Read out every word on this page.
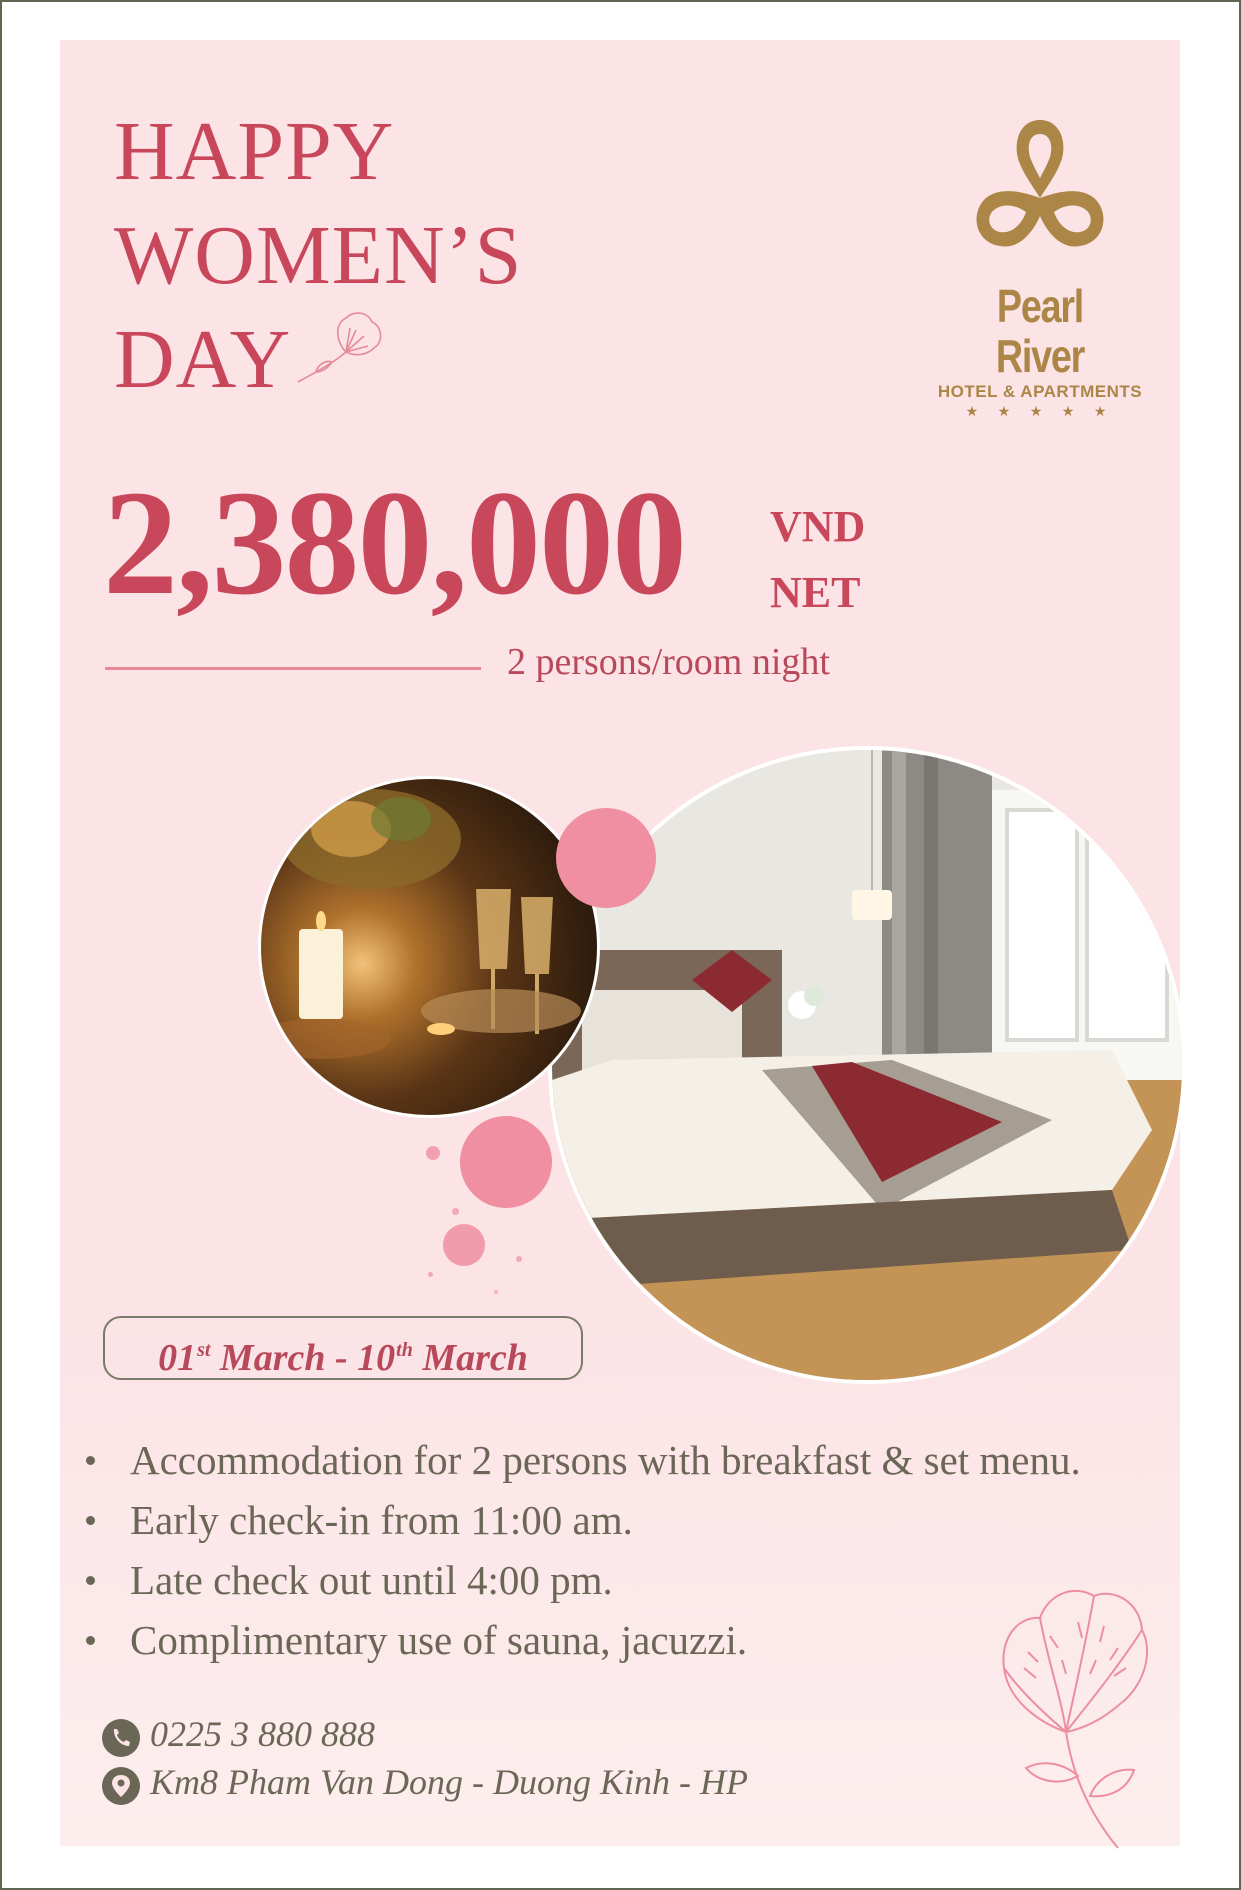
HAPPY
WOMEN’S
DAY
Pearl River
HOTEL & APARTMENTS
★ ★ ★ ★ ★
2,380,000 VND
NET
2 persons/room night
01st March - 10th March
Accommodation for 2 persons with breakfast & set menu.
Early check-in from 11:00 am.
Late check out until 4:00 pm.
Complimentary use of sauna, jacuzzi.
0225 3 880 888
Km8 Pham Van Dong - Duong Kinh - HP
